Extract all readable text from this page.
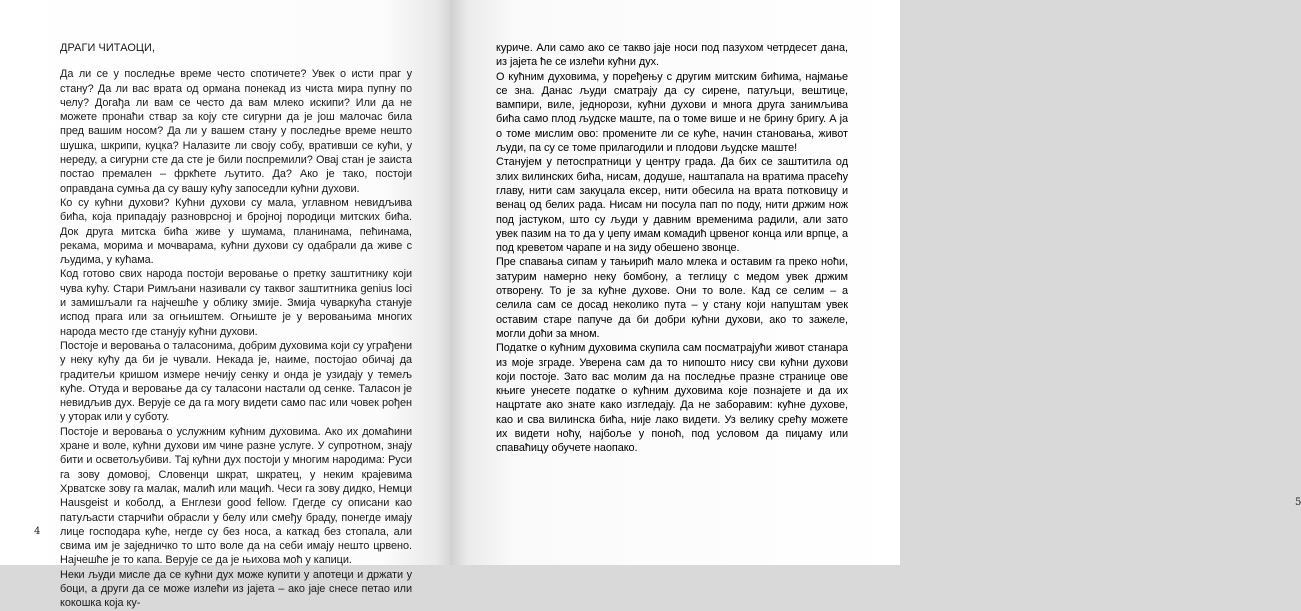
ДРАГИ ЧИТАОЦИ,

Да ли се у последње време често спотичете? Увек о исти праг у стану? Да ли вас врата од ормана понекад из чиста мира пупну по челу? Догађа ли вам се често да вам млеко искипи? Или да не можете пронаћи ствар за коју сте сигурни да је још малочас била пред вашим носом? Да ли у вашем стану у последње време нешто шушка, шкрипи, куцка? Налазите ли своју собу, вративши се кући, у нереду, а сигурни сте да сте је били поспремили? Овај стан је заиста постао премален – фркћете љутито. Да? Ако је тако, постоји оправдана сумња да су вашу кућу запоседли кућни духови.

Ко су кућни духови? Кућни духови су мала, углавном невидљива бића, која припадају разноврсној и бројној породици митских бића. Док друга митска бића живе у шумама, планинама, пећинама, рекама, морима и мочварама, кућни духови су одабрали да живе с људима, у кућама.

Код готово свих народа постоји веровање о претку заштитнику који чува кућу. Стари Римљани називали су таквог заштитника genius loci и замишљали га најчешће у облику змије. Змија чуваркућа станује испод прага или за огњиштем. Огњиште је у веровањима многих народа место где станују кућни духови.

Постоје и веровања о таласонима, добрим духовима који су уграђени у неку кућу да би је чували. Некада је, наиме, постојао обичај да градитељи кришом измере нечију сенку и онда је узидају у темељ куће. Отуда и веровање да су таласони настали од сенке. Таласон је невидљив дух. Верује се да га могу видети само пас или човек рођен у уторак или у суботу.

Постоје и веровања о услужним кућним духовима. Ако их домаћини хране и воле, кућни духови им чине разне услуге. У супротном, знају бити и осветољубиви. Тај кућни дух постоји у многим народима: Руси га зову домовој, Словенци шкрат, шкратец, у неким крајевима Хрватске зову га малак, малић или мацић. Чеси га зову дидко, Немци Hausgeist и коболд, а Енглези good fellow. Гдегде су описани као патуљасти старчићи обрасли у белу или смеђу браду, понегде имају лице господара куће, негде су без носа, а каткад без стопала, али свима им је заједничко то што воле да на себи имају нешто црвено. Најчешће је то капа. Верује се да је њихова моћ у капици.

Неки људи мисле да се кућни дух може купити у апотеци и држати у боци, а други да се може излећи из јајета – ако јаје снесе петао или кокошка која ку-

4
5

куриче. Али само ако се такво јаје носи под пазухом четрдесет дана, из јајета ће се излећи кућни дух.

О кућним духовима, у поређењу с другим митским бићима, најмање се зна. Данас људи сматрају да су сирене, патуљци, вештице, вампири, виле, једнорози, кућни духови и многа друга занимљива бића само плод људске маште, па о томе више и не брину бригу. А ја о томе мислим ово: промените ли се куће, начин становања, живот људи, па су се томе прилагодили и плодови људске маште!

Станујем у петоспратници у центру града. Да бих се заштитила од злих вилинских бића, нисам, додуше, наштапала на вратима прасећу главу, нити сам закуцала ексер, нити обесила на врата потковицу и венац од белих рада. Нисам ни посула пап по поду, нити држим нож под јастуком, што су људи у давним временима радили, али зато увек пазим на то да у џепу имам комадић црвеног конца или врпце, а под креветом чарапе и на зиду обешено звонце.

Пре спавања сипам у тањирић мало млека и оставим га преко ноћи, затурим намерно неку бомбону, а теглицу с медом увек држим отворену. То је за кућне духове. Они то воле. Кад се селим – а селила сам се досад неколико пута – у стану који напуштам увек оставим старе папуче да би добри кућни духови, ако то зажеле, могли доћи за мном.

Податке о кућним духовима скупила сам посматрајући живот станара из моје зграде. Уверена сам да то нипошто нису сви кућни духови који постоје. Зато вас молим да на последње празне странице ове књиге унесете податке о кућним духовима које познајете и да их нацртате ако знате како изгледају. Да не заборавим: кућне духове, као и сва вилинска бића, није лако видети. Уз велику срећу можете их видети ноћу, најбоље у поноћ, под условом да пиџаму или спаваћицу обучете наопако.
